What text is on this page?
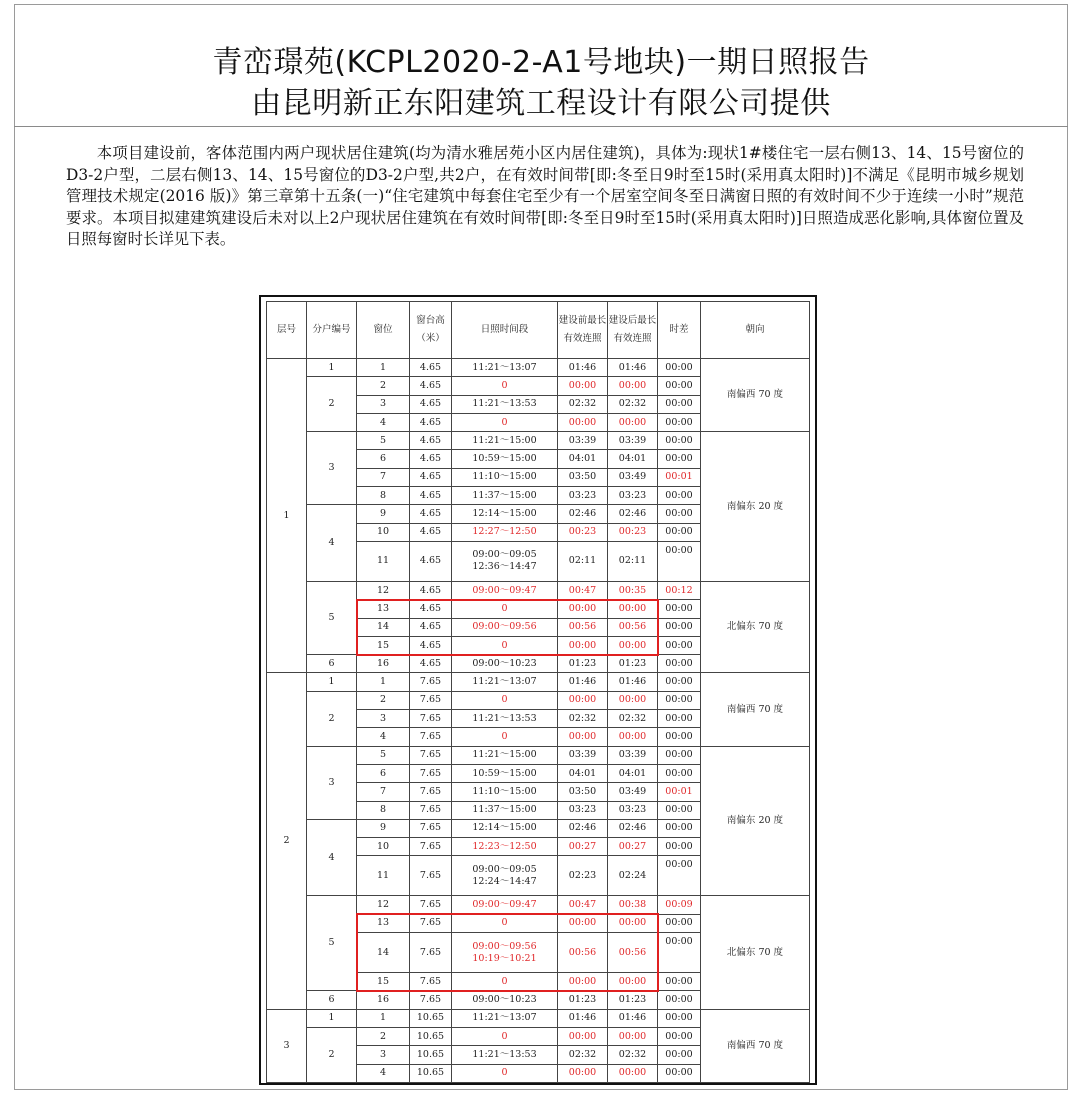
青峦璟苑(KCPL2020-2-A1号地块)一期日照报告
由昆明新正东阳建筑工程设计有限公司提供
本项目建设前，客体范围内两户现状居住建筑(均为清水雅居苑小区内居住建筑)，具体为:现状1#楼住宅一层右侧13、14、15号窗位的D3-2户型，二层右侧13、14、15号窗位的D3-2户型,共2户，在有效时间带[即:冬至日9时至15时(采用真太阳时)]不满足《昆明市城乡规划管理技术规定(2016 版)》第三章第十五条(一)“住宅建筑中每套住宅至少有一个居室空间冬至日满窗日照的有效时间不少于连续一小时”规范要求。本项目拟建建筑建设后未对以上2户现状居住建筑在有效时间带[即:冬至日9时至15时(采用真太阳时)]日照造成恶化影响,具体窗位置及日照每窗时长详见下表。
层号	分户编号	窗位	窗台高（米）	日照时间段	建设前最长有效连照	建设后最长有效连照	时差	朝向
1	1	1	4.65	11:21～13:07	01:46	01:46	00:00	南偏西 70 度
	2	2	4.65	0	00:00	00:00	00:00	
		3	4.65	11:21～13:53	02:32	02:32	00:00	
		4	4.65	0	00:00	00:00	00:00	
	3	5	4.65	11:21～15:00	03:39	03:39	00:00	南偏东 20 度
		6	4.65	10:59～15:00	04:01	04:01	00:00	
		7	4.65	11:10～15:00	03:50	03:49	00:01	
		8	4.65	11:37～15:00	03:23	03:23	00:00	
	4	9	4.65	12:14～15:00	02:46	02:46	00:00	
		10	4.65	12:27～12:50	00:23	00:23	00:00	
		11	4.65	09:00～09:05
12:36～14:47	02:11	02:11	00:00	
	5	12	4.65	09:00～09:47	00:47	00:35	00:12	北偏东 70 度
		13	4.65	0	00:00	00:00	00:00	
		14	4.65	09:00～09:56	00:56	00:56	00:00	
		15	4.65	0	00:00	00:00	00:00	
	6	16	4.65	09:00～10:23	01:23	01:23	00:00	
2	1	1	7.65	11:21～13:07	01:46	01:46	00:00	南偏西 70 度
	2	2	7.65	0	00:00	00:00	00:00	
		3	7.65	11:21～13:53	02:32	02:32	00:00	
		4	7.65	0	00:00	00:00	00:00	
	3	5	7.65	11:21～15:00	03:39	03:39	00:00	南偏东 20 度
		6	7.65	10:59～15:00	04:01	04:01	00:00	
		7	7.65	11:10～15:00	03:50	03:49	00:01	
		8	7.65	11:37～15:00	03:23	03:23	00:00	
	4	9	7.65	12:14～15:00	02:46	02:46	00:00	
		10	7.65	12:23～12:50	00:27	00:27	00:00	
		11	7.65	09:00～09:05
12:24～14:47	02:23	02:24	00:00	
	5	12	7.65	09:00～09:47	00:47	00:38	00:09	北偏东 70 度
		13	7.65	0	00:00	00:00	00:00	
		14	7.65	09:00～09:56
10:19～10:21	00:56	00:56	00:00	
		15	7.65	0	00:00	00:00	00:00	
	6	16	7.65	09:00～10:23	01:23	01:23	00:00	
3	1	1	10.65	11:21～13:07	01:46	01:46	00:00	南偏西 70 度
	2	2	10.65	0	00:00	00:00	00:00	
		3	10.65	11:21～13:53	02:32	02:32	00:00	
		4	10.65	0	00:00	00:00	00:00	
